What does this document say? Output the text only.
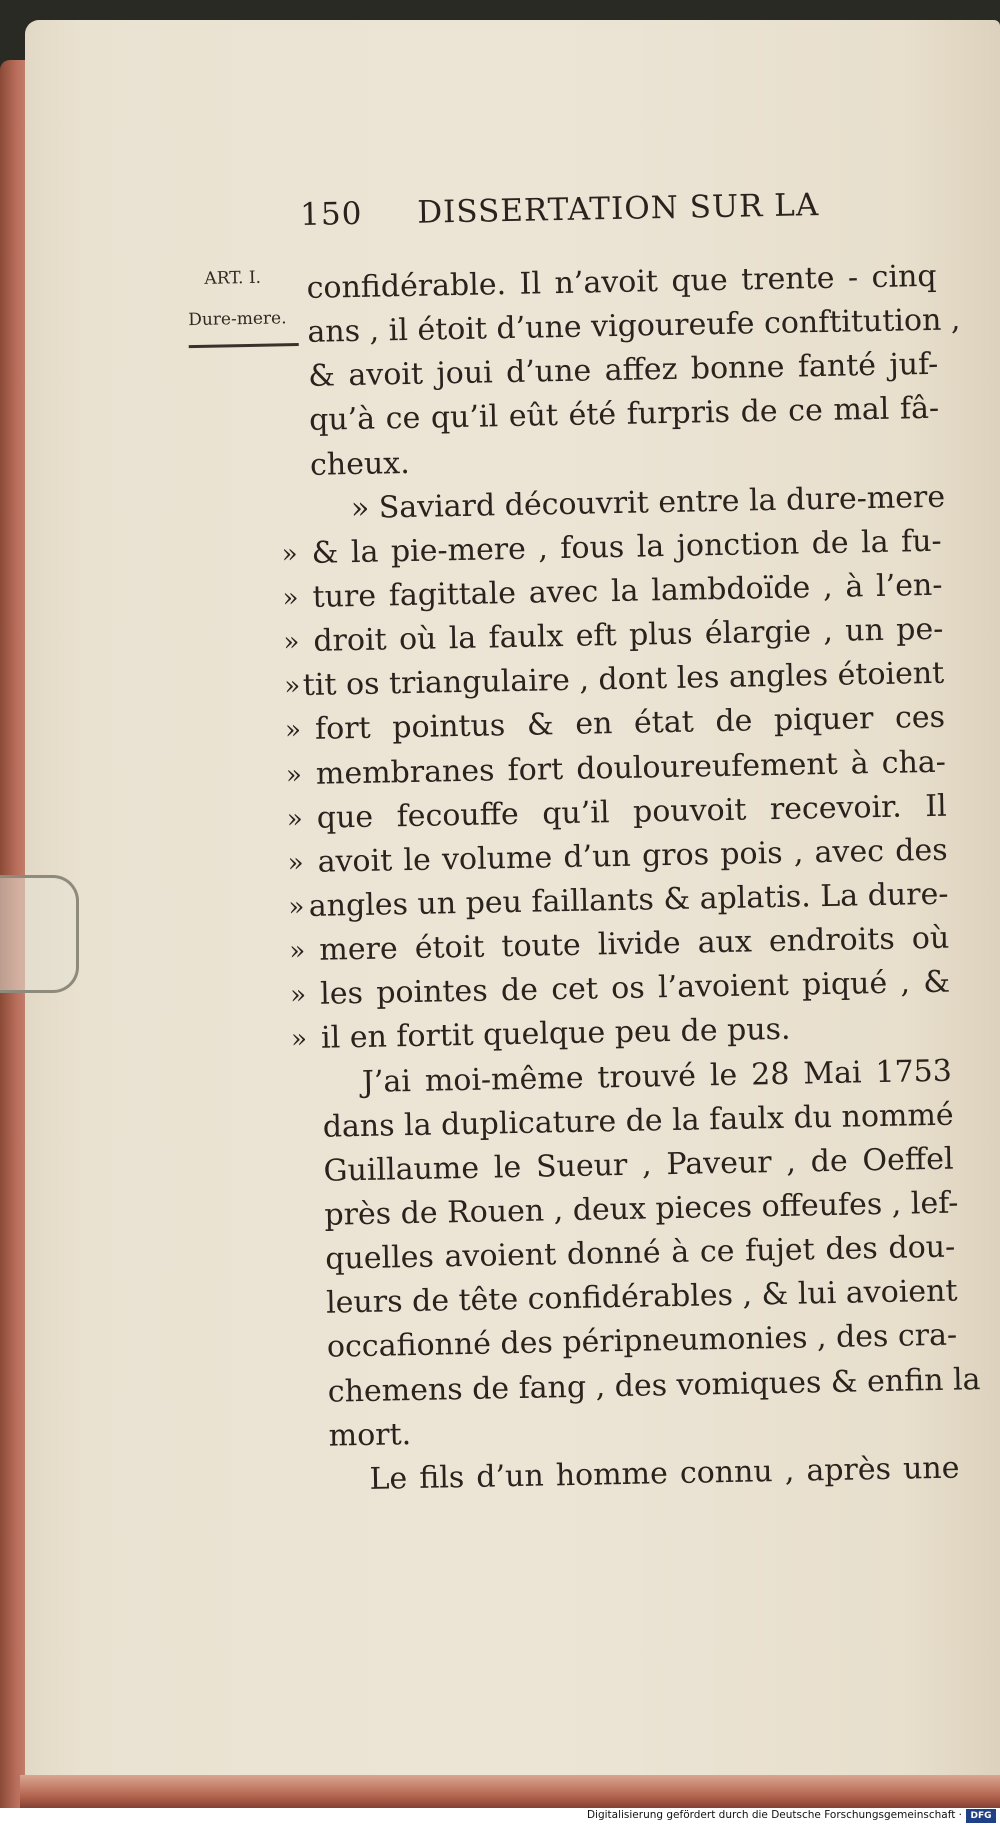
150 DISSERTATION SUR LA
ART. I.
Dure-mere.
confidérable. Il n’avoit que trente - cinq
ans , il étoit d’une vigoureufe conftitution ,
& avoit joui d’une affez bonne fanté juf-
qu’à ce qu’il eût été furpris de ce mal fâ-
cheux.
» Saviard découvrit entre la dure-mere
» & la pie-mere , fous la jonction de la fu-
» ture fagittale avec la lambdoïde , à l’en-
» droit où la faulx eft plus élargie , un pe-
» tit os triangulaire , dont les angles étoient
» fort pointus & en état de piquer ces
» membranes fort douloureufement à cha-
» que fecouffe qu’il pouvoit recevoir. Il
» avoit le volume d’un gros pois , avec des
» angles un peu faillants & aplatis. La dure-
» mere étoit toute livide aux endroits où
» les pointes de cet os l’avoient piqué , &
» il en fortit quelque peu de pus.
J’ai moi-même trouvé le 28 Mai 1753
dans la duplicature de la faulx du nommé
Guillaume le Sueur , Paveur , de Oeffel
près de Rouen , deux pieces offeufes , lef-
quelles avoient donné à ce fujet des dou-
leurs de tête confidérables , & lui avoient
occafionné des péripneumonies , des cra-
chemens de fang , des vomiques & enfin la
mort.
Le fils d’un homme connu , après une
Digitalisierung gefördert durch die Deutsche Forschungsgemeinschaft · DFG
